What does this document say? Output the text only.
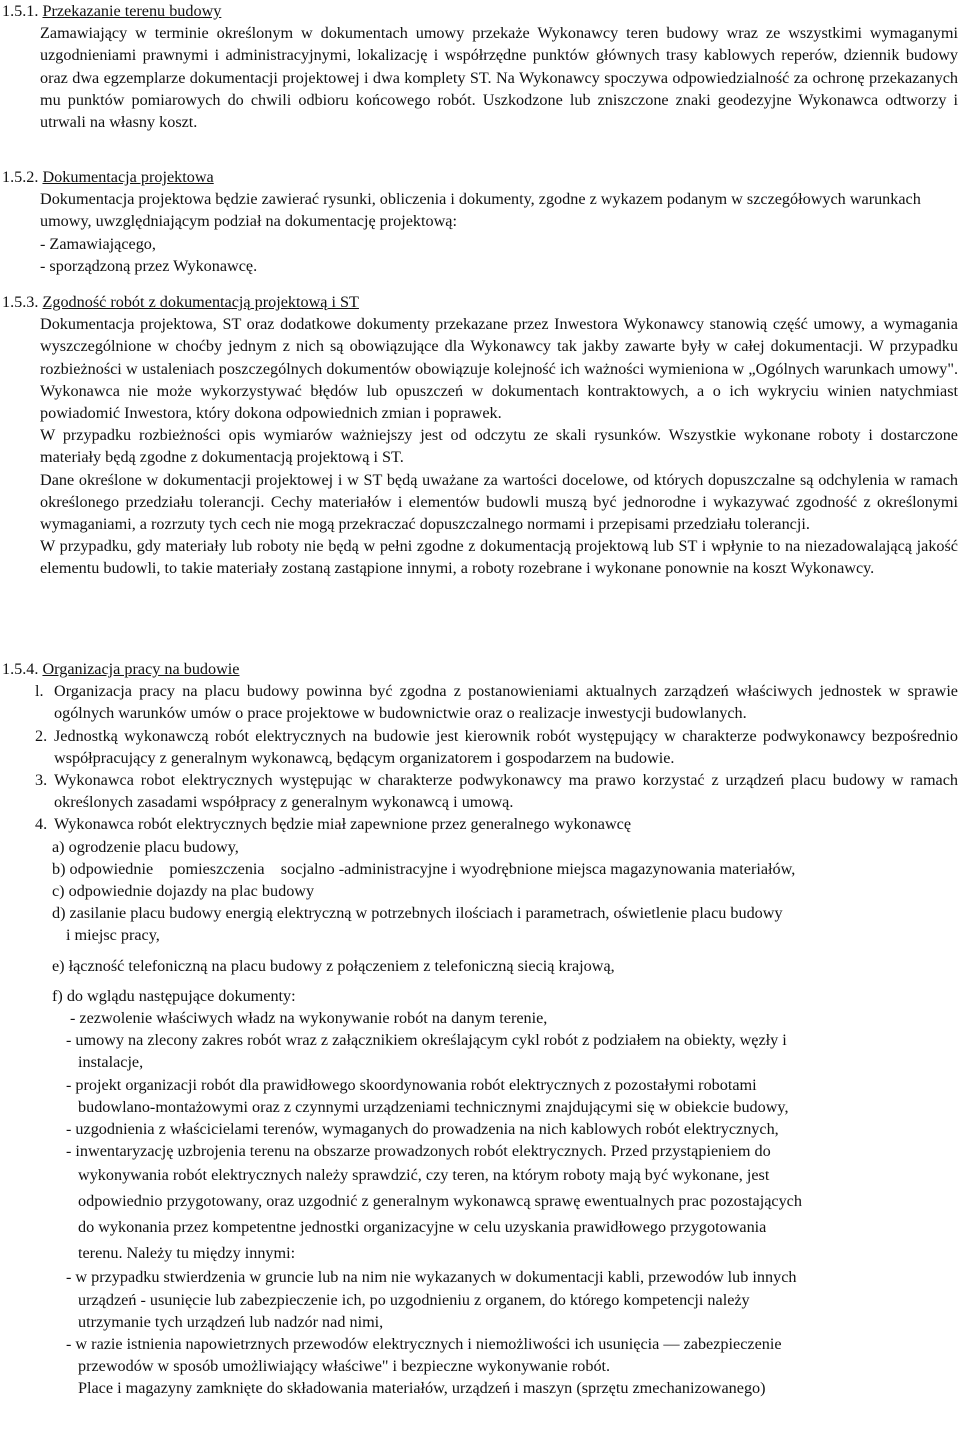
1.5.1. Przekazanie terenu budowy
Zamawiający w terminie określonym w dokumentach umowy przekaże Wykonawcy teren budowy wraz ze wszystkimi wymaganymi uzgodnieniami prawnymi i administracyjnymi, lokalizację i współrzędne punktów głównych trasy kablowych reperów, dziennik budowy oraz dwa egzemplarze dokumentacji projektowej i dwa komplety ST. Na Wykonawcy spoczywa odpowiedzialność za ochronę przekazanych mu punktów pomiarowych do chwili odbioru końcowego robót. Uszkodzone lub zniszczone znaki geodezyjne Wykonawca odtworzy i utrwali na własny koszt.
1.5.2. Dokumentacja projektowa
Dokumentacja projektowa będzie zawierać rysunki, obliczenia i dokumenty, zgodne z wykazem podanym w szczegółowych warunkach umowy, uwzględniającym podział na dokumentację projektową:
- Zamawiającego,
- sporządzoną przez Wykonawcę.
1.5.3. Zgodność robót z dokumentacją projektową i ST
Dokumentacja projektowa, ST oraz dodatkowe dokumenty przekazane przez Inwestora Wykonawcy stanowią część umowy, a wymagania wyszczególnione w choćby jednym z nich są obowiązujące dla Wykonawcy tak jakby zawarte były w całej dokumentacji. W przypadku rozbieżności w ustaleniach poszczególnych dokumentów obowiązuje kolejność ich ważności wymieniona w „Ogólnych warunkach umowy". Wykonawca nie może wykorzystywać błędów lub opuszczeń w dokumentach kontraktowych, a o ich wykryciu winien natychmiast powiadomić Inwestora, który dokona odpowiednich zmian i poprawek.
W przypadku rozbieżności opis wymiarów ważniejszy jest od odczytu ze skali rysunków. Wszystkie wykonane roboty i dostarczone materiały będą zgodne z dokumentacją projektową i ST.
Dane określone w dokumentacji projektowej i w ST będą uważane za wartości docelowe, od których dopuszczalne są odchylenia w ramach określonego przedziału tolerancji. Cechy materiałów i elementów budowli muszą być jednorodne i wykazywać zgodność z określonymi wymaganiami, a rozrzuty tych cech nie mogą przekraczać dopuszczalnego normami i przepisami przedziału tolerancji.
W przypadku, gdy materiały lub roboty nie będą w pełni zgodne z dokumentacją projektową lub ST i wpłynie to na niezadowalającą jakość elementu budowli, to takie materiały zostaną zastąpione innymi, a roboty rozebrane i wykonane ponownie na koszt Wykonawcy.
1.5.4. Organizacja pracy na budowie
l. Organizacja pracy na placu budowy powinna być zgodna z postanowieniami aktualnych zarządzeń właściwych jednostek w sprawie ogólnych warunków umów o prace projektowe w budownictwie oraz o realizacje inwestycji budowlanych.
2. Jednostką wykonawczą robót elektrycznych na budowie jest kierownik robót występujący w charakterze podwykonawcy bezpośrednio współpracujący z generalnym wykonawcą, będącym organizatorem i gospodarzem na budowie.
3. Wykonawca robot elektrycznych występując w charakterze podwykonawcy ma prawo korzystać z urządzeń placu budowy w ramach określonych zasadami współpracy z generalnym wykonawcą i umową.
4. Wykonawca robót elektrycznych będzie miał zapewnione przez generalnego wykonawcę
a) ogrodzenie placu budowy,
b) odpowiednie    pomieszczenia    socjalno -administracyjne i wyodrębnione miejsca magazynowania materiałów,
c) odpowiednie dojazdy na plac budowy
d) zasilanie placu budowy energią elektryczną w potrzebnych ilościach i parametrach, oświetlenie placu budowy
i miejsc pracy,
e) łączność telefoniczną na placu budowy z połączeniem z telefoniczną siecią krajową,
f) do wglądu następujące dokumenty:
- zezwolenie właściwych władz na wykonywanie robót na danym terenie,
- umowy na zlecony zakres robót wraz z załącznikiem określającym cykl robót z podziałem na obiekty, węzły i
instalacje,
- projekt organizacji robót dla prawidłowego skoordynowania robót elektrycznych z pozostałymi robotami
budowlano-montażowymi oraz z czynnymi urządzeniami technicznymi znajdującymi się w obiekcie budowy,
- uzgodnienia z właścicielami terenów, wymaganych do prowadzenia na nich kablowych robót elektrycznych,
- inwentaryzację uzbrojenia terenu na obszarze prowadzonych robót elektrycznych. Przed przystąpieniem do
wykonywania robót elektrycznych należy sprawdzić, czy teren, na którym roboty mają być wykonane, jest
odpowiednio przygotowany, oraz uzgodnić z generalnym wykonawcą sprawę ewentualnych prac pozostających
do wykonania przez kompetentne jednostki organizacyjne w celu uzyskania prawidłowego przygotowania
terenu. Należy tu między innymi:
- w przypadku stwierdzenia w gruncie lub na nim nie wykazanych w dokumentacji kabli, przewodów lub innych
urządzeń - usunięcie lub zabezpieczenie ich, po uzgodnieniu z organem, do którego kompetencji należy
utrzymanie tych urządzeń lub nadzór nad nimi,
- w razie istnienia napowietrznych przewodów elektrycznych i niemożliwości ich usunięcia — zabezpieczenie
przewodów w sposób umożliwiający właściwe" i bezpieczne wykonywanie robót.
Place i magazyny zamknięte do składowania materiałów, urządzeń i maszyn (sprzętu zmechanizowanego)
